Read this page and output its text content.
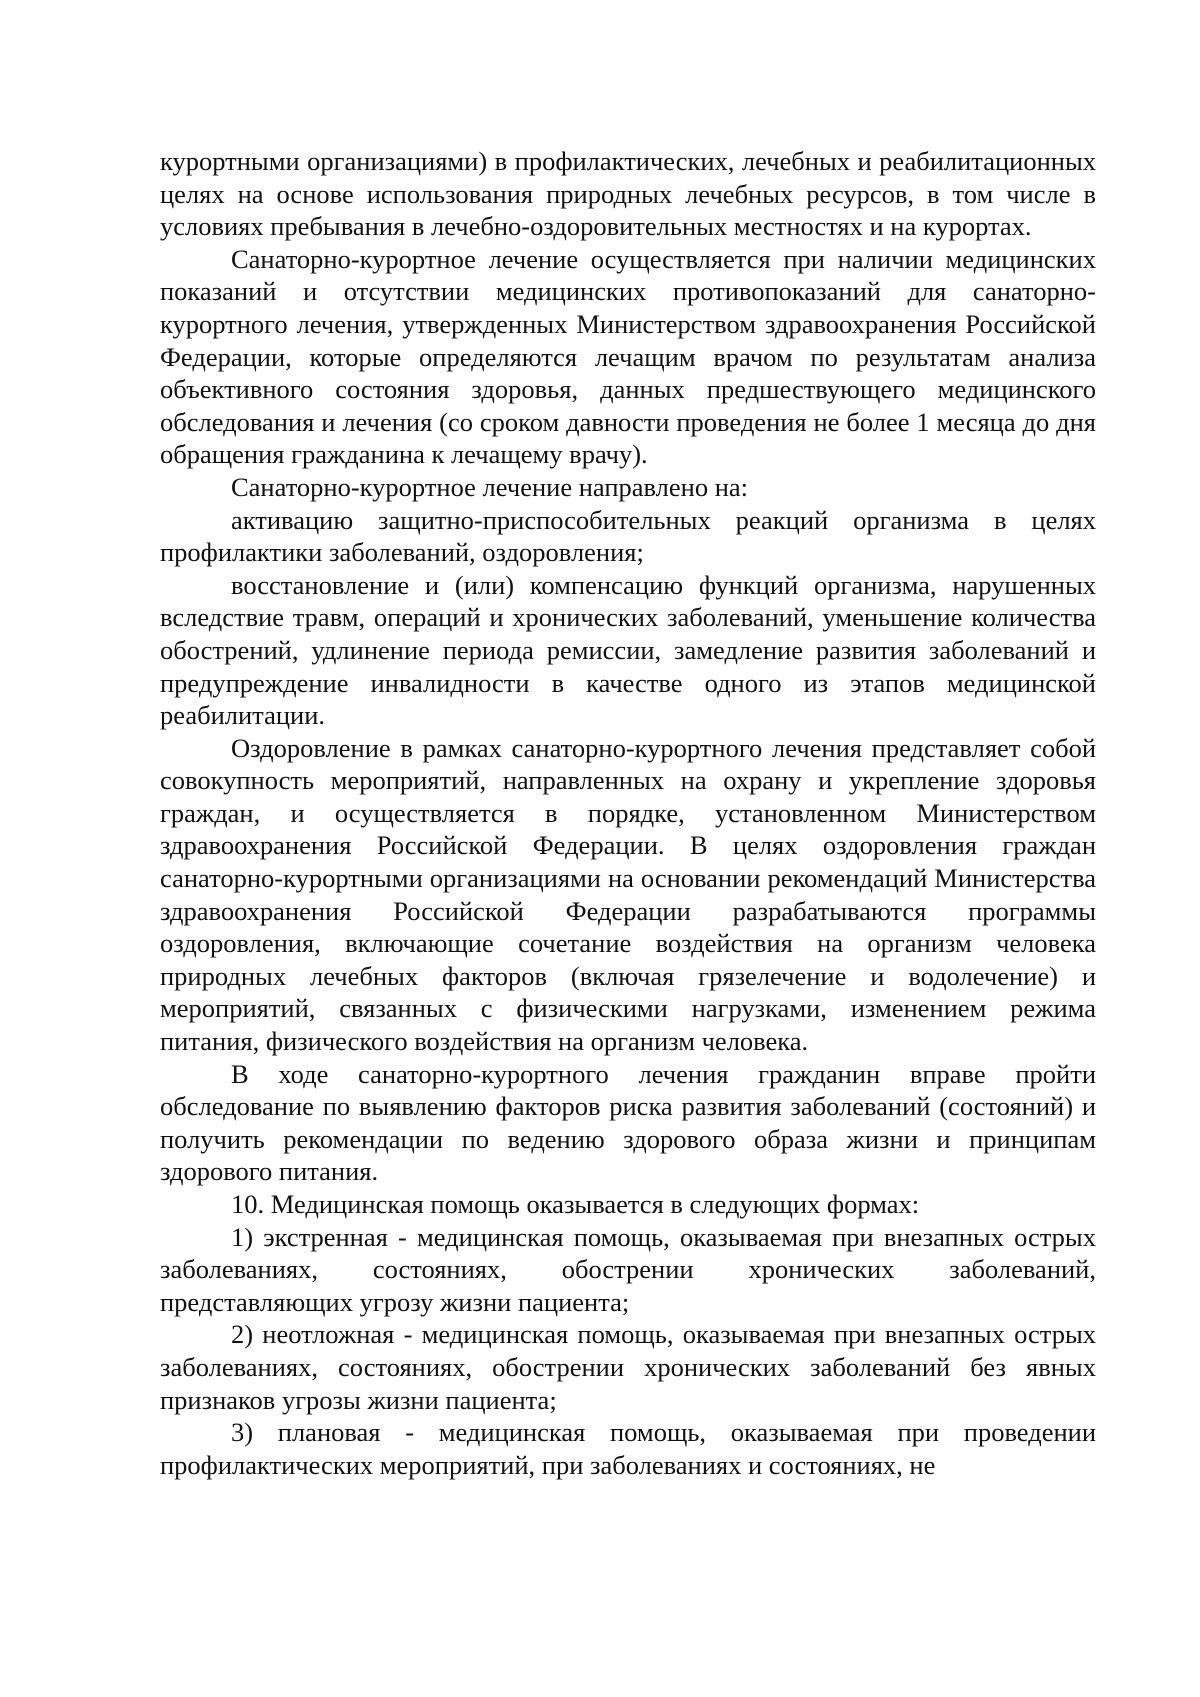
курортными организациями) в профилактических, лечебных и реабилитационных целях на основе использования природных лечебных ресурсов, в том числе в условиях пребывания в лечебно-оздоровительных местностях и на курортах.

Санаторно-курортное лечение осуществляется при наличии медицинских показаний и отсутствии медицинских противопоказаний для санаторно-курортного лечения, утвержденных Министерством здравоохранения Российской Федерации, которые определяются лечащим врачом по результатам анализа объективного состояния здоровья, данных предшествующего медицинского обследования и лечения (со сроком давности проведения не более 1 месяца до дня обращения гражданина к лечащему врачу).

Санаторно-курортное лечение направлено на:

активацию защитно-приспособительных реакций организма в целях профилактики заболеваний, оздоровления;

восстановление и (или) компенсацию функций организма, нарушенных вследствие травм, операций и хронических заболеваний, уменьшение количества обострений, удлинение периода ремиссии, замедление развития заболеваний и предупреждение инвалидности в качестве одного из этапов медицинской реабилитации.

Оздоровление в рамках санаторно-курортного лечения представляет собой совокупность мероприятий, направленных на охрану и укрепление здоровья граждан, и осуществляется в порядке, установленном Министерством здравоохранения Российской Федерации. В целях оздоровления граждан санаторно-курортными организациями на основании рекомендаций Министерства здравоохранения Российской Федерации разрабатываются программы оздоровления, включающие сочетание воздействия на организм человека природных лечебных факторов (включая грязелечение и водолечение) и мероприятий, связанных с физическими нагрузками, изменением режима питания, физического воздействия на организм человека.

В ходе санаторно-курортного лечения гражданин вправе пройти обследование по выявлению факторов риска развития заболеваний (состояний) и получить рекомендации по ведению здорового образа жизни и принципам здорового питания.

10. Медицинская помощь оказывается в следующих формах:

1) экстренная - медицинская помощь, оказываемая при внезапных острых заболеваниях, состояниях, обострении хронических заболеваний, представляющих угрозу жизни пациента;

2) неотложная - медицинская помощь, оказываемая при внезапных острых заболеваниях, состояниях, обострении хронических заболеваний без явных признаков угрозы жизни пациента;

3) плановая - медицинская помощь, оказываемая при проведении профилактических мероприятий, при заболеваниях и состояниях, не
